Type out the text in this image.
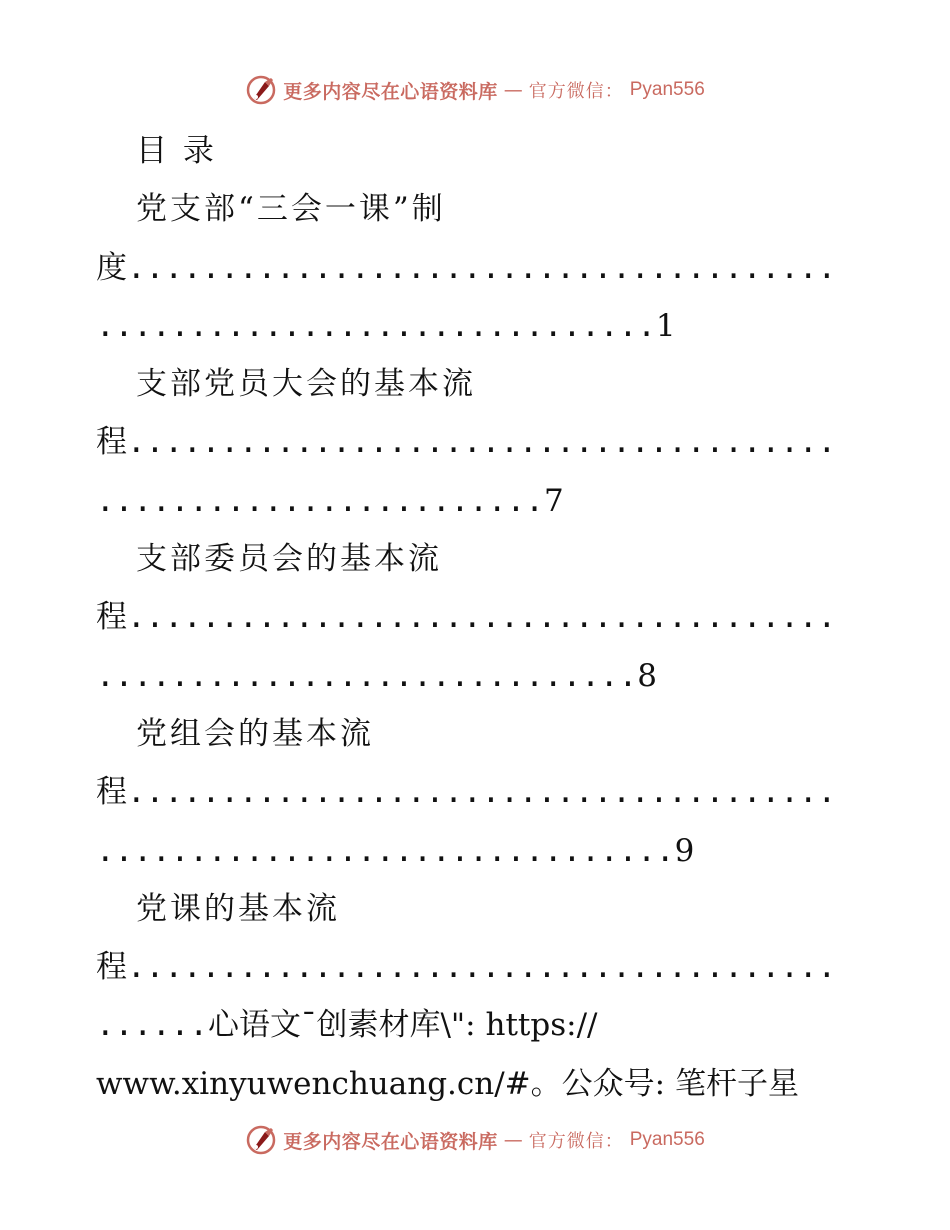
更多内容尽在心语资料库 — 官方微信： Pyan556
目 录
党支部“三会一课”制
度......................................
..............................1
支部党员大会的基本流
程......................................
........................7
支部委员会的基本流
程......................................
.............................8
党组会的基本流
程......................................
...............................9
党课的基本流
程......................................
......心语文¯创素材库\": https://
www.xinyuwenchuang.cn/#。公众号: 笔杆子星
更多内容尽在心语资料库 — 官方微信： Pyan556
